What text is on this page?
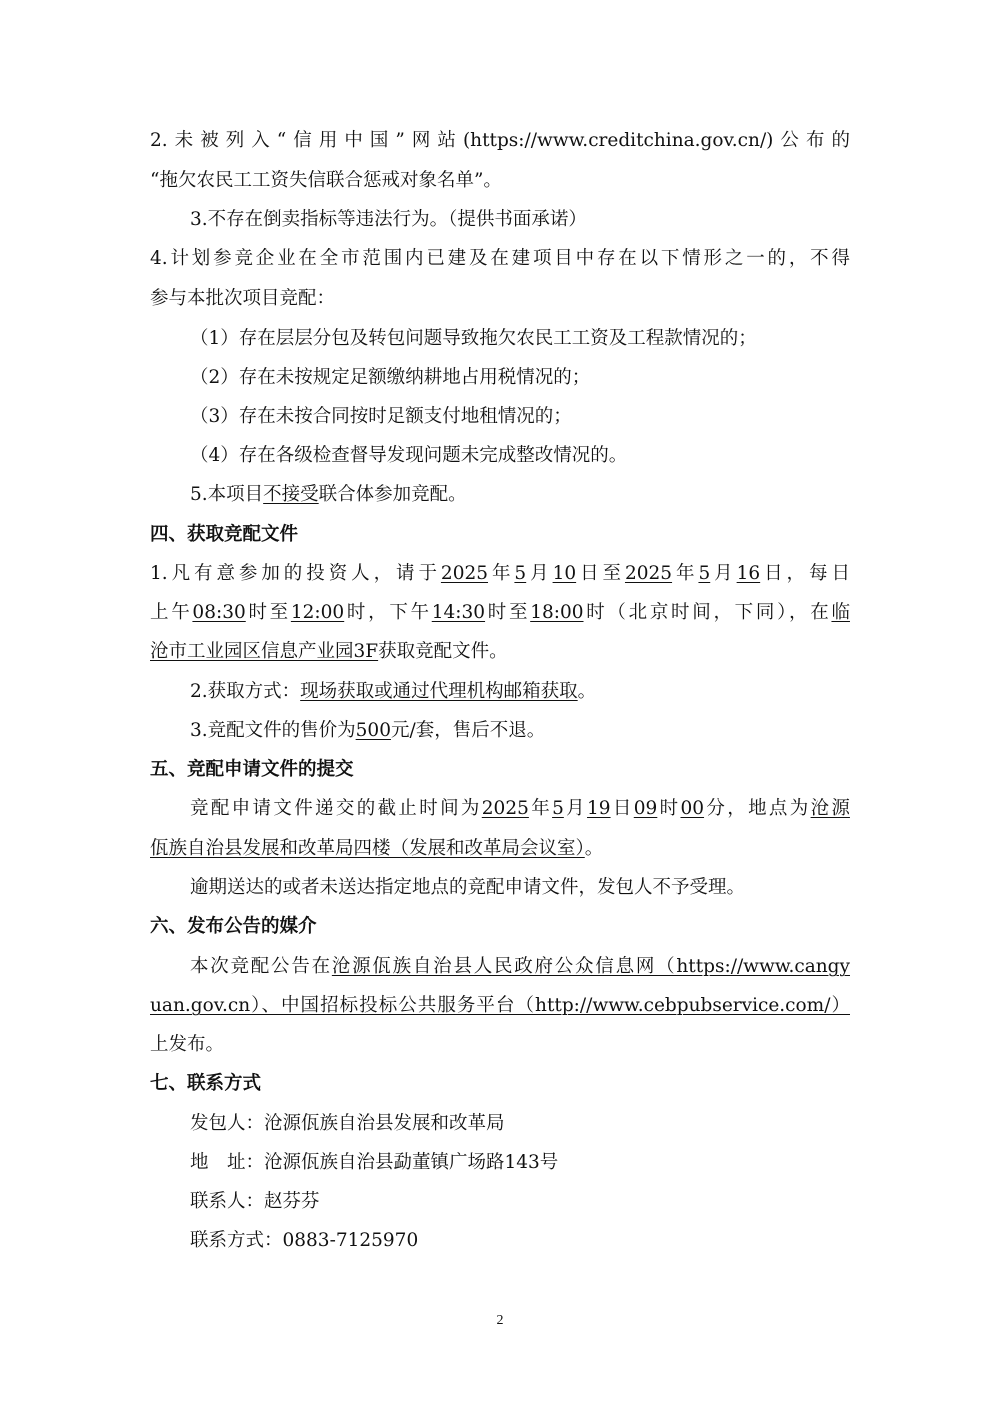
2.未被列入“信用中国”网站(https://www.creditchina.gov.cn/)公布的
“拖欠农民工工资失信联合惩戒对象名单”。
3.不存在倒卖指标等违法行为。（提供书面承诺）
4.计划参竞企业在全市范围内已建及在建项目中存在以下情形之一的，不得
参与本批次项目竞配：
（1）存在层层分包及转包问题导致拖欠农民工工资及工程款情况的；
（2）存在未按规定足额缴纳耕地占用税情况的；
（3）存在未按合同按时足额支付地租情况的；
（4）存在各级检查督导发现问题未完成整改情况的。
5.本项目不接受联合体参加竞配。
四、获取竞配文件
1.凡有意参加的投资人，请于2025年5月10日至2025年5月16日，每日
上午08:30时至12:00时，下午14:30时至18:00时（北京时间，下同），在临
沧市工业园区信息产业园3F获取竞配文件。
2.获取方式：现场获取或通过代理机构邮箱获取。
3.竞配文件的售价为500元/套，售后不退。
五、竞配申请文件的提交
竞配申请文件递交的截止时间为2025年5月19日09时00分，地点为沧源
佤族自治县发展和改革局四楼（发展和改革局会议室）。
逾期送达的或者未送达指定地点的竞配申请文件，发包人不予受理。
六、发布公告的媒介
本次竞配公告在沧源佤族自治县人民政府公众信息网（https://www.cangy
uan.gov.cn）、中国招标投标公共服务平台（http://www.cebpubservice.com/）
上发布。
七、联系方式
发包人：沧源佤族自治县发展和改革局
地　址：沧源佤族自治县勐董镇广场路143号
联系人：赵芬芬
联系方式：0883-7125970
2
